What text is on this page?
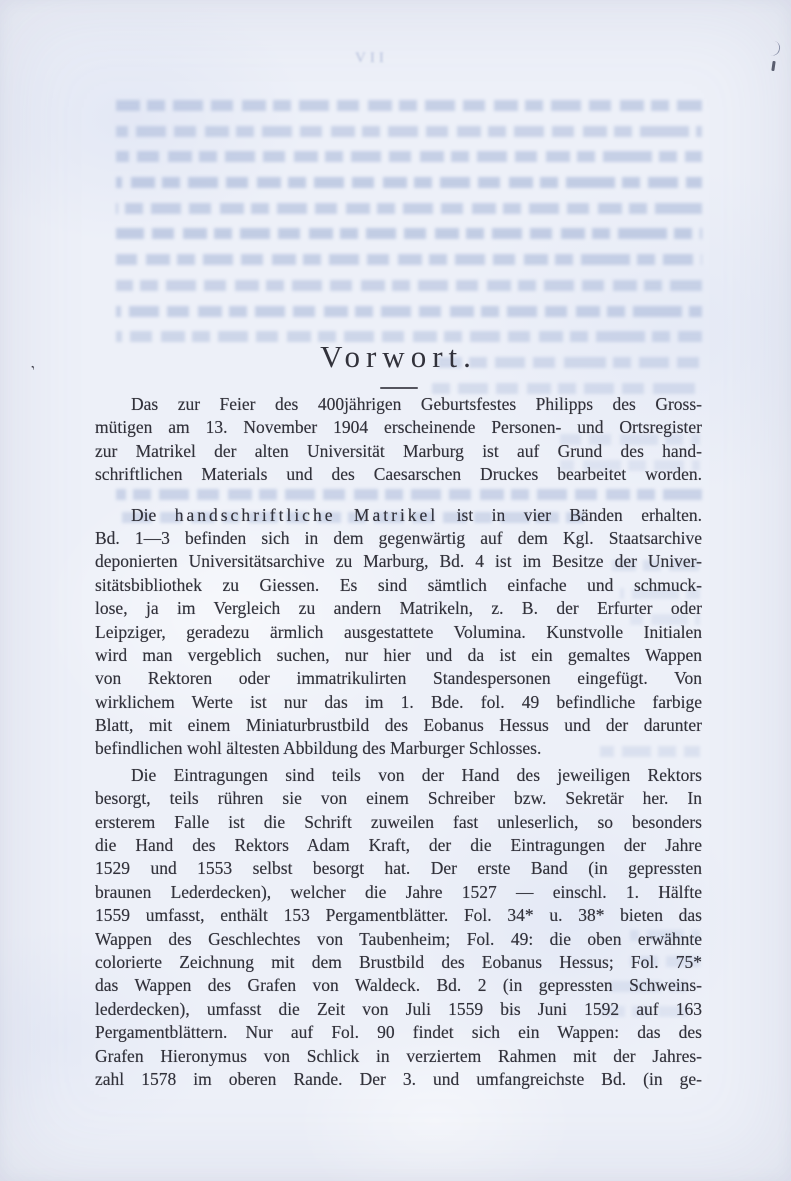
VII
Vorwort.
Das zur Feier des 400jährigen Geburtsfestes Philipps des Gross-
mütigen am 13. November 1904 erscheinende Personen- und Ortsregister
zur Matrikel der alten Universität Marburg ist auf Grund des hand-
schriftlichen Materials und des Caesarschen Druckes bearbeitet worden.
Die handschriftliche Matrikel ist in vier Bänden erhalten.
Bd. 1—3 befinden sich in dem gegenwärtig auf dem Kgl. Staatsarchive
deponierten Universitätsarchive zu Marburg, Bd. 4 ist im Besitze der Univer-
sitätsbibliothek zu Giessen. Es sind sämtlich einfache und schmuck-
lose, ja im Vergleich zu andern Matrikeln, z. B. der Erfurter oder
Leipziger, geradezu ärmlich ausgestattete Volumina. Kunstvolle Initialen
wird man vergeblich suchen, nur hier und da ist ein gemaltes Wappen
von Rektoren oder immatrikulirten Standespersonen eingefügt. Von
wirklichem Werte ist nur das im 1. Bde. fol. 49 befindliche farbige
Blatt, mit einem Miniaturbrustbild des Eobanus Hessus und der darunter
befindlichen wohl ältesten Abbildung des Marburger Schlosses.
Die Eintragungen sind teils von der Hand des jeweiligen Rektors
besorgt, teils rühren sie von einem Schreiber bzw. Sekretär her. In
ersterem Falle ist die Schrift zuweilen fast unleserlich, so besonders
die Hand des Rektors Adam Kraft, der die Eintragungen der Jahre
1529 und 1553 selbst besorgt hat. Der erste Band (in gepressten
braunen Lederdecken), welcher die Jahre 1527 — einschl. 1. Hälfte
1559 umfasst, enthält 153 Pergamentblätter. Fol. 34* u. 38* bieten das
Wappen des Geschlechtes von Taubenheim; Fol. 49: die oben erwähnte
colorierte Zeichnung mit dem Brustbild des Eobanus Hessus; Fol. 75*
das Wappen des Grafen von Waldeck. Bd. 2 (in gepressten Schweins-
lederdecken), umfasst die Zeit von Juli 1559 bis Juni 1592 auf 163
Pergamentblättern. Nur auf Fol. 90 findet sich ein Wappen: das des
Grafen Hieronymus von Schlick in verziertem Rahmen mit der Jahres-
zahl 1578 im oberen Rande. Der 3. und umfangreichste Bd. (in ge-
,
